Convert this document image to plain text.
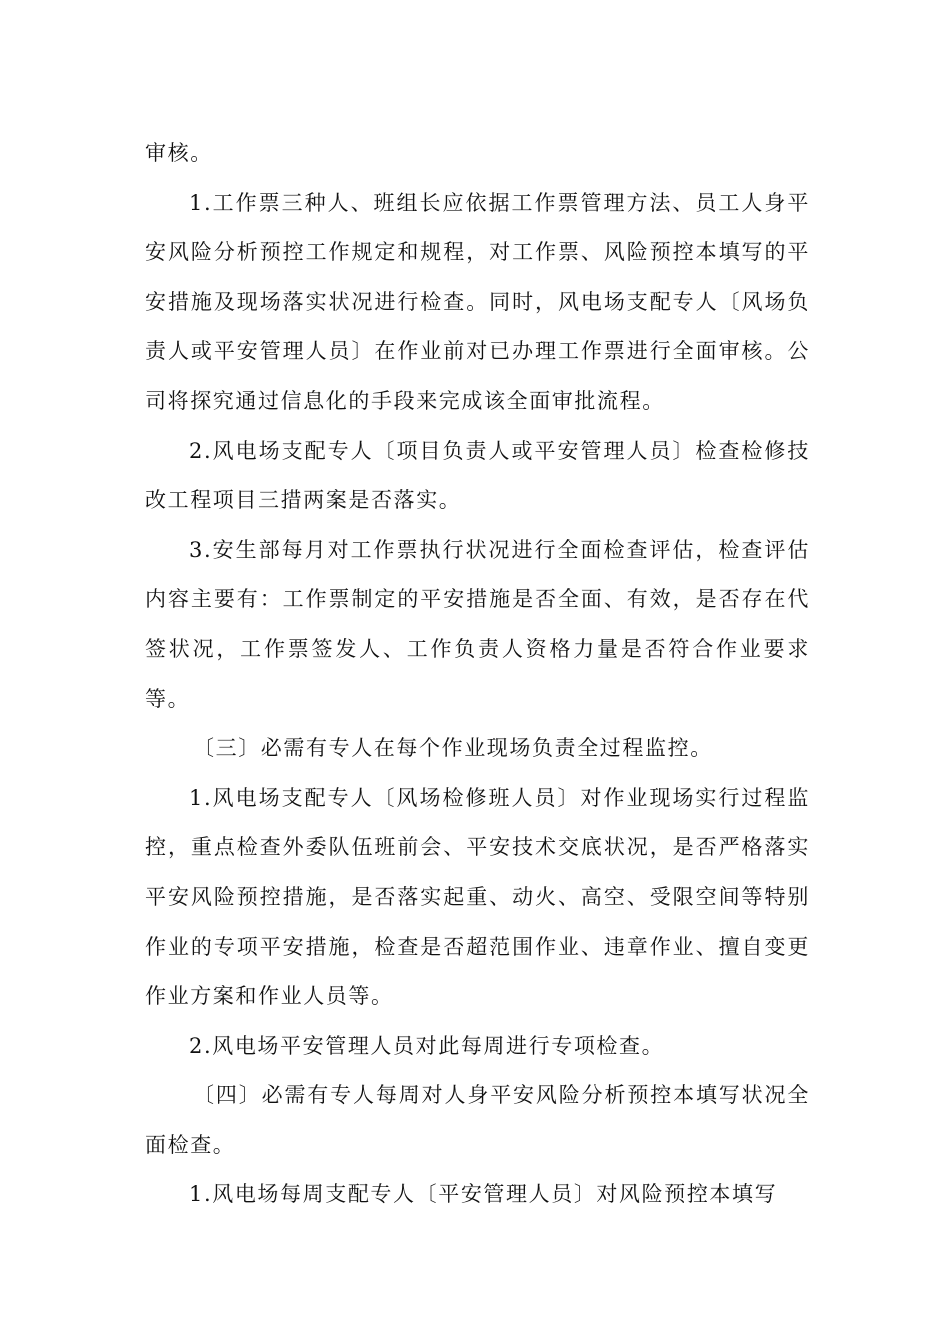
审核。

1.工作票三种人、班组长应依据工作票管理方法、员工人身平安风险分析预控工作规定和规程，对工作票、风险预控本填写的平安措施及现场落实状况进行检查。同时，风电场支配专人〔风场负责人或平安管理人员〕在作业前对已办理工作票进行全面审核。公司将探究通过信息化的手段来完成该全面审批流程。

2.风电场支配专人〔项目负责人或平安管理人员〕检查检修技改工程项目三措两案是否落实。

3.安生部每月对工作票执行状况进行全面检查评估，检查评估内容主要有：工作票制定的平安措施是否全面、有效，是否存在代签状况，工作票签发人、工作负责人资格力量是否符合作业要求等。

〔三〕必需有专人在每个作业现场负责全过程监控。

1.风电场支配专人〔风场检修班人员〕对作业现场实行过程监控，重点检查外委队伍班前会、平安技术交底状况，是否严格落实平安风险预控措施，是否落实起重、动火、高空、受限空间等特别作业的专项平安措施，检查是否超范围作业、违章作业、擅自变更作业方案和作业人员等。

2.风电场平安管理人员对此每周进行专项检查。

〔四〕必需有专人每周对人身平安风险分析预控本填写状况全面检查。

1.风电场每周支配专人〔平安管理人员〕对风险预控本填写
